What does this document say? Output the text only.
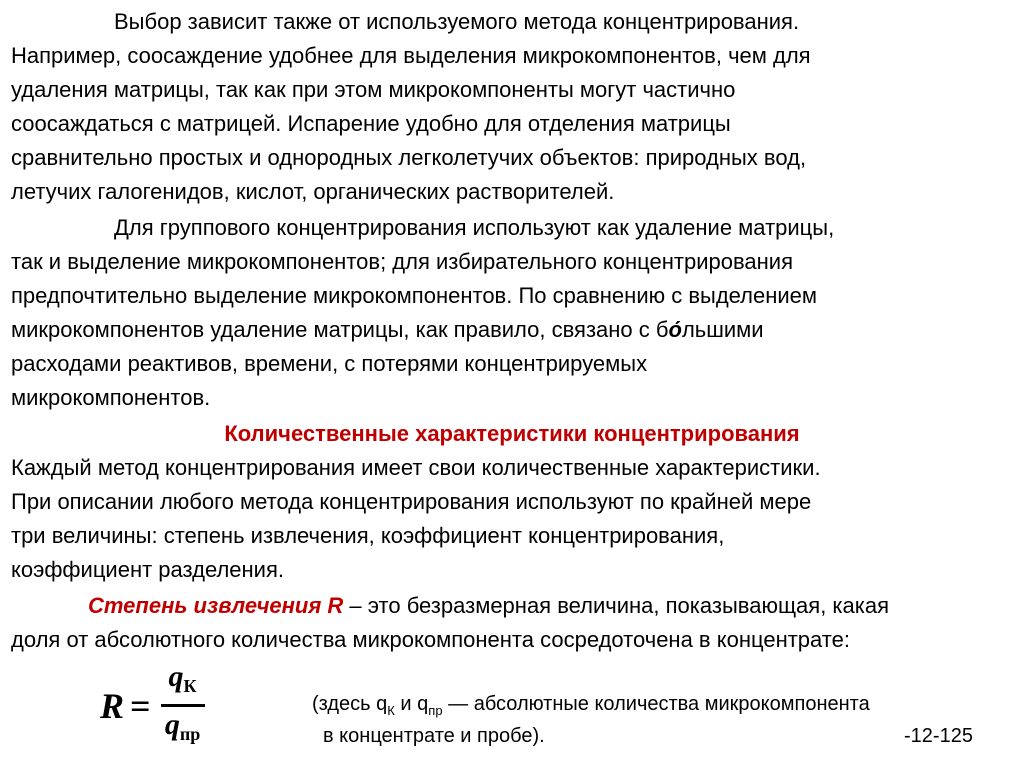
Выбор зависит также от используемого метода концентрирования.
Например, соосаждение удобнее для выделения микрокомпонентов, чем для
удаления матрицы, так как при этом микрокомпоненты могут частично
соосаждаться с матрицей. Испарение удобно для отделения матрицы
сравнительно простых и однородных легколетучих объектов: природных вод,
летучих галогенидов, кислот, органических растворителей.
Для группового концентрирования используют как удаление матрицы,
так и выделение микрокомпонентов; для избирательного концентрирования
предпочтительно выделение микрокомпонентов. По сравнению с выделением
микрокомпонентов удаление матрицы, как правило, связано с бо́льшими
расходами реактивов, времени, с потерями концентрируемых
микрокомпонентов.
Количественные характеристики концентрирования
Каждый метод концентрирования имеет свои количественные характеристики.
При описании любого метода концентрирования используют по крайней мере
три величины: степень извлечения, коэффициент концентрирования,
коэффициент разделения.
Степень извлечения R – это безразмерная величина, показывающая, какая
доля от абсолютного количества микрокомпонента сосредоточена в концентрате:
$R = \frac{q_К}{q_{пр}}$	(здесь $q_К$ и $q_{пр}$ — абсолютные количества микрокомпонента
в концентрате и пробе).	-12-125
